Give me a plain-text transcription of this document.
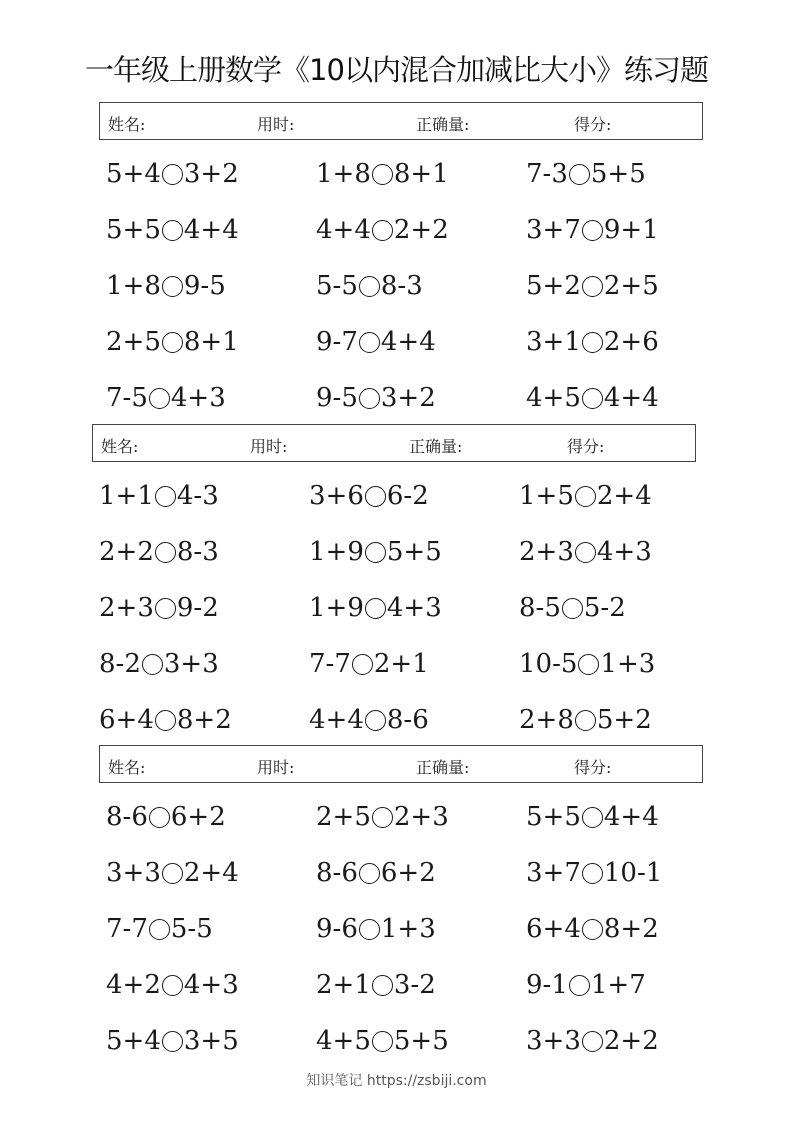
一年级上册数学《10以内混合加减比大小》练习题
姓名:	用时:	正确量:	得分:
5+4 3+2	1+8 8+1	7-3 5+5
5+5 4+4	4+4 2+2	3+7 9+1
1+8 9-5	5-5 8-3	5+2 2+5
2+5 8+1	9-7 4+4	3+1 2+6
7-5 4+3	9-5 3+2	4+5 4+4
姓名:	用时:	正确量:	得分:
1+1 4-3	3+6 6-2	1+5 2+4
2+2 8-3	1+9 5+5	2+3 4+3
2+3 9-2	1+9 4+3	8-5 5-2
8-2 3+3	7-7 2+1	10-5 1+3
6+4 8+2	4+4 8-6	2+8 5+2
姓名:	用时:	正确量:	得分:
8-6 6+2	2+5 2+3	5+5 4+4
3+3 2+4	8-6 6+2	3+7 10-1
7-7 5-5	9-6 1+3	6+4 8+2
4+2 4+3	2+1 3-2	9-1 1+7
5+4 3+5	4+5 5+5	3+3 2+2
知识笔记 https://zsbiji.com
